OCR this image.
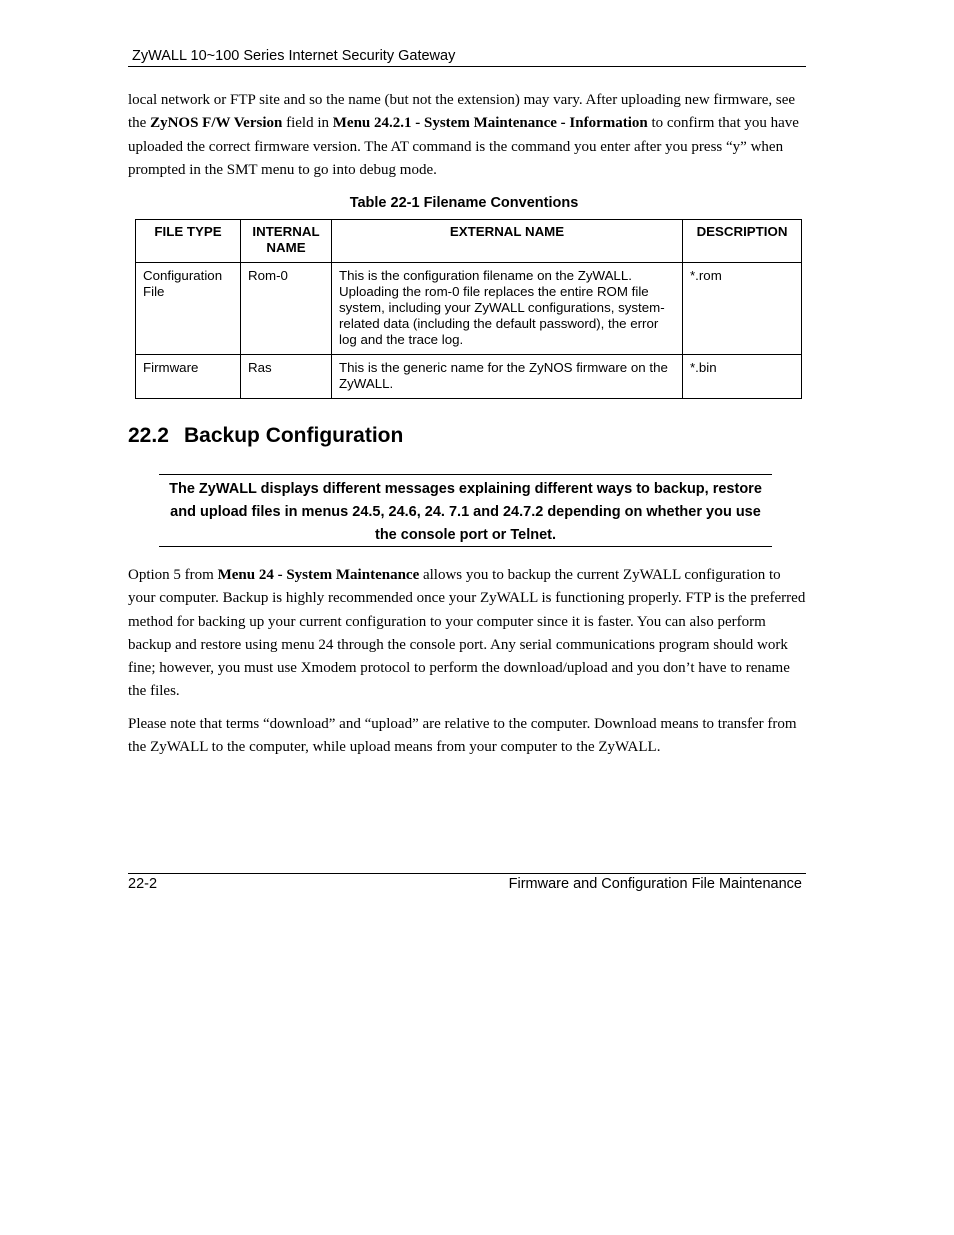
ZyWALL 10~100 Series Internet Security Gateway

local network or FTP site and so the name (but not the extension) may vary. After uploading new firmware, see the ZyNOS F/W Version field in Menu 24.2.1 - System Maintenance - Information to confirm that you have uploaded the correct firmware version. The AT command is the command you enter after you press “y” when prompted in the SMT menu to go into debug mode.

Table 22-1 Filename Conventions
FILE TYPE	INTERNAL NAME	EXTERNAL NAME	DESCRIPTION
Configuration File	Rom-0	This is the configuration filename on the ZyWALL. Uploading the rom-0 file replaces the entire ROM file system, including your ZyWALL configurations, system-related data (including the default password), the error log and the trace log.	*.rom
Firmware	Ras	This is the generic name for the ZyNOS firmware on the ZyWALL.	*.bin
22.2 Backup Configuration
The ZyWALL displays different messages explaining different ways to backup, restore and upload files in menus 24.5, 24.6, 24. 7.1 and 24.7.2 depending on whether you use the console port or Telnet.

Option 5 from Menu 24 - System Maintenance allows you to backup the current ZyWALL configuration to your computer. Backup is highly recommended once your ZyWALL is functioning properly. FTP is the preferred method for backing up your current configuration to your computer since it is faster. You can also perform backup and restore using menu 24 through the console port. Any serial communications program should work fine; however, you must use Xmodem protocol to perform the download/upload and you don’t have to rename the files.

Please note that terms “download” and “upload” are relative to the computer. Download means to transfer from the ZyWALL to the computer, while upload means from your computer to the ZyWALL.

22-2	Firmware and Configuration File Maintenance
